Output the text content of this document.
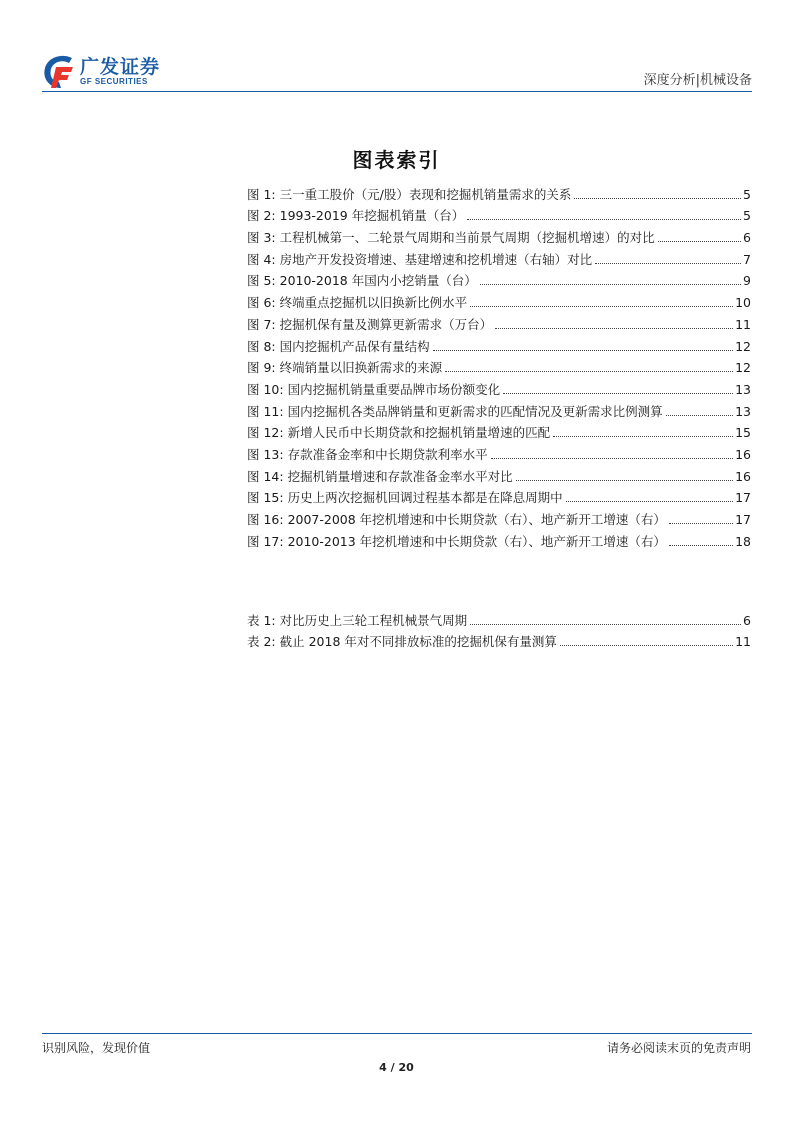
广发证券
GF SECURITIES	深度分析|机械设备
图表索引
图 1: 三一重工股价（元/股）表现和挖掘机销量需求的关系	5
图 2: 1993-2019 年挖掘机销量（台）	5
图 3: 工程机械第一、二轮景气周期和当前景气周期（挖掘机增速）的对比	6
图 4: 房地产开发投资增速、基建增速和挖机增速（右轴）对比	7
图 5: 2010-2018 年国内小挖销量（台）	9
图 6: 终端重点挖掘机以旧换新比例水平	10
图 7: 挖掘机保有量及测算更新需求（万台）	11
图 8: 国内挖掘机产品保有量结构	12
图 9: 终端销量以旧换新需求的来源	12
图 10: 国内挖掘机销量重要品牌市场份额变化	13
图 11: 国内挖掘机各类品牌销量和更新需求的匹配情况及更新需求比例测算	13
图 12: 新增人民币中长期贷款和挖掘机销量增速的匹配	15
图 13: 存款准备金率和中长期贷款利率水平	16
图 14: 挖掘机销量增速和存款准备金率水平对比	16
图 15: 历史上两次挖掘机回调过程基本都是在降息周期中	17
图 16: 2007-2008 年挖机增速和中长期贷款（右）、地产新开工增速（右）	17
图 17: 2010-2013 年挖机增速和中长期贷款（右）、地产新开工增速（右）	18
表 1: 对比历史上三轮工程机械景气周期	6
表 2: 截止 2018 年对不同排放标准的挖掘机保有量测算	11
识别风险，发现价值	请务必阅读末页的免责声明
4 / 20
